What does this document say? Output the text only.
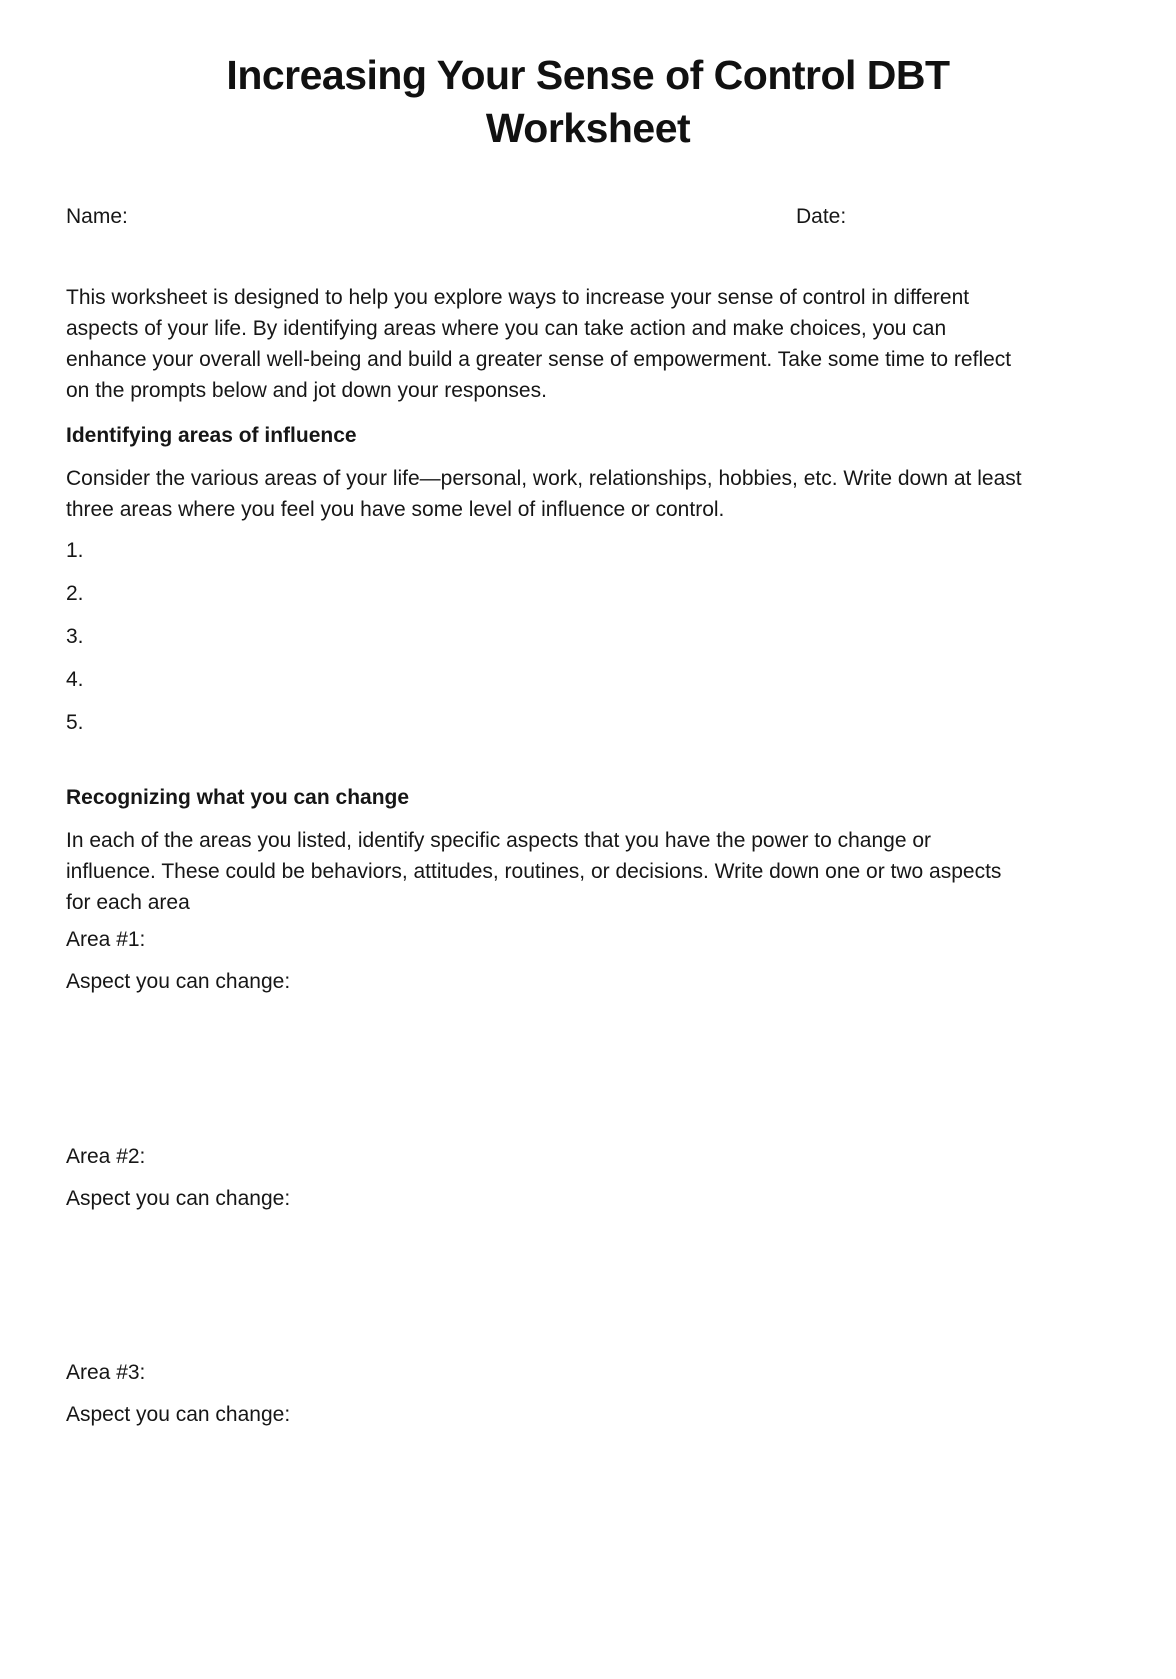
Increasing Your Sense of Control DBT
Worksheet
Name:	Date:

This worksheet is designed to help you explore ways to increase your sense of control in different
aspects of your life. By identifying areas where you can take action and make choices, you can
enhance your overall well-being and build a greater sense of empowerment. Take some time to reflect
on the prompts below and jot down your responses.

Identifying areas of influence

Consider the various areas of your life—personal, work, relationships, hobbies, etc. Write down at least
three areas where you feel you have some level of influence or control.

1.
2.
3.
4.
5.
Recognizing what you can change

In each of the areas you listed, identify specific aspects that you have the power to change or
influence. These could be behaviors, attitudes, routines, or decisions. Write down one or two aspects
for each area

Area #1:
Aspect you can change:
Area #2:
Aspect you can change:
Area #3:
Aspect you can change:
